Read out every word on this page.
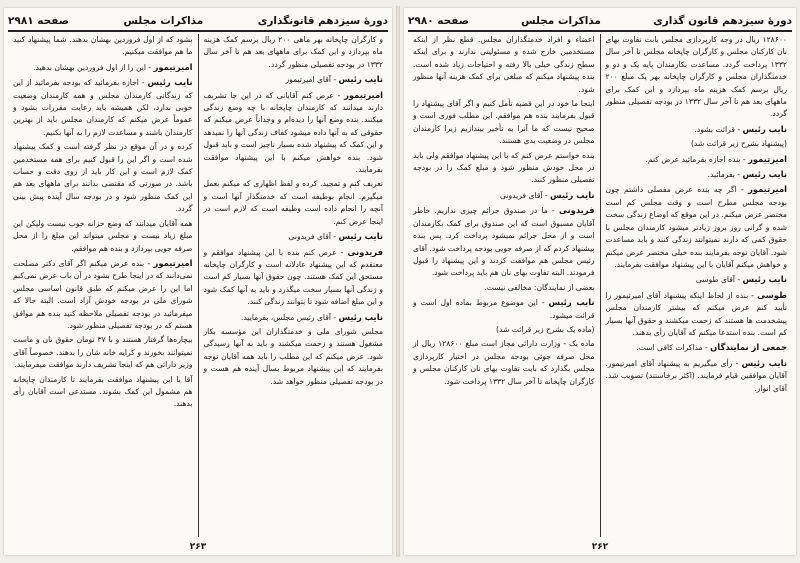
دورهٔ سیزدهم قانونگذاری
مذاکرات مجلس
صفحه ۲۹۸۱

و کارگران چاپخانه بهر ماهی ۲۰۰ ریال برسم کمک هزینه ماه بپردازد و این کمک برای ماههای بعد هم تا آخر سال ۱۳۳۲ در بودجه تفصیلی منظور گردد.

نایب رئیس - آقای امیرتیمور

امیرتیمور - عرض کنم آقایانی که در این جا تشریف دارند میدانند که کارمندان چاپخانه با چه وضع زندگی میکنند. بنده وضع آنها را دیده‌ام و وجداناً عرض میکنم که حقوقی که به آنها داده میشود کفاف زندگی آنها را نمیدهد و این کمک که پیشنهاد شده بسیار ناچیز است و باید قبول شود. بنده خواهش میکنم با این پیشنهاد موافقت بفرمایند.

تعریف کنم و تمجید. کرده و لفظ اظهاری که میکنم بعمل میگیرم. انجام بوظیفه است که خدمتگذار آنها است و آنچه را انجام داده است وظیفه است که لازم است در اینجا عرض کنم.

نایب رئیس - آقای فریدونی

فریدونی - عرض کنم بنده با این پیشنهاد موافقم و معتقدم که این پیشنهاد عادلانه است و کارگران چاپخانه مستحق این کمک هستند. چون حقوق آنها بسیار کم است و زندگی آنها بسیار سخت میگذرد و باید به آنها کمک شود و این مبلغ اضافه شود تا بتوانند زندگی کنند.

نایب رئیس - آقای رئیس مجلس، بفرمایید.

مجلس شورای ملی و خدمتگذاران این مؤسسه بکار مشغول هستند و زحمت میکشند و باید به آنها رسیدگی شود. عرض میکنم که این مطلب را باید همه آقایان توجه بفرمایند که این پیشنهاد مربوط بسال آینده هم هست و در بودجه تفصیلی منظور خواهد شد.

بشود که از اول فروردین بهشان بدهند. شما پیشنهاد کنید ما هم موافقت میکنیم.

امیرتیمور - این را از اول فروردین بهشان بدهید.

نایب رئیس - اجازه بفرمائید که بودجه بفرمائید از این که زندگانی کارمندان مجلس و همه کارمندان وضعیت خوبی ندارد، لکن همیشه باید رعایت مقررات بشود و عموماً عرض میکنم که کارمندان مجلس باید از بهترین کارمندان باشند و مساعدت لازم را به آنها بکنیم.

کرده و در آن موقع در نظر گرفته است و کمک پیشنهاد شده است و اگر این را قبول کنیم برای همه مستخدمین کمک لازم است و این کار باید از روی دقت و حساب باشد. در صورتی که مقتضی بدانند برای ماههای بعد هم این کمک منظور شود و در بودجه سال آینده پیش بینی گردد.

همه آقایان میدانند که وضع خزانه خوب نیست ولیکن این مبلغ زیاد نیست و مجلس میتواند این مبلغ را از محل صرفه جویی بپردازد و بنده هم موافقم.

امیرتیمور - بنده عرض میکنم اگر آقای دکتر مصلحت نمی‌دانند که در اینجا طرح بشود در آن باب عرض نمی‌کنم اما این را عرض میکنم که طبق قانون اساسی مجلس شورای ملی در بودجه خودش آزاد است. البته حالا که میفرمائید در بودجه تفصیلی ملاحظه کنید بنده هم موافق هستم که در بودجه تفصیلی منظور شود.

بیچاره‌ها گرفتار هستند و با ۳۷ تومان حقوق نان و ماست نمیتوانند بخورند و کرایه خانه شان را بدهند. خصوصاً آقای وزیر دارائی هم که اینجا تشریف دارند موافقت میفرمایند.

آقا با این پیشنهاد موافقت بفرمایند تا کارمندان چاپخانه هم مشمول این کمک بشوند. مستدعی است آقایان رأی بدهند.

۲۶۳
دورهٔ سیزدهم قانون گذاری
مذاکرات مجلس
صفحه ۲۹۸۰

۱۲۸۶۰۰ ریال در وجه کارپردازی مجلس بابت تفاوت بهای نان کارکنان مجلس و کارگران چاپخانه مجلس تا آخر سال ۱۳۳۲ پرداخت گردد. مساعدت بکارمندان پایه یک و دو و خدمتگذاران مجلس و کارگران چاپخانه بهر یک مبلغ ۲۰۰ ریال برسم کمک هزینه ماه بپردازد و این کمک برای ماههای بعد هم تا آخر سال ۱۳۳۲ در بودجه تفصیلی منظور گردد.

نایب رئیس - قرائت بشود.

(پیشنهاد بشرح زیر قرائت شد)

امیرتیمور - بنده اجازه بفرمائید عرض کنم.

نایب رئیس - بفرمائید.

امیرتیمور - اگر چه بنده عرض مفصلی داشتم چون بودجه مجلس مطرح است و وقت مجلس کم است مختصر عرض میکنم. در این موقع که اوضاع زندگی سخت شده و گرانی روز بروز زیادتر میشود کارمندان مجلس با حقوق کمی که دارند نمیتوانند زندگی کنند و باید مساعدت شود. آقایان توجه بفرمایند بنده خیلی مختصر عرض میکنم و خواهش میکنم آقایان با این پیشنهاد موافقت بفرمایند.

نایب رئیس - آقای طوسی

طوسی - بنده از لحاظ اینکه پیشنهاد آقای امیرتیمور را تأیید کنم عرض میکنم که بیشتر کارمندان مجلس پیشخدمت ها هستند که زحمت میکشند و حقوق آنها بسیار کم است. بنده استدعا میکنم که آقایان رأی بدهند.

جمعی از نمایندگان - مذاکرات کافی است.

نایب رئیس - رأی میگیریم به پیشنهاد آقای امیرتیمور. آقایان موافقین قیام فرمایند. (اکثر برخاستند) تصویب شد. آقای انوار.

اعضاء و افراد خدمتگذاران مجلس. قطع نظر از اینکه مستخدمین خارج شده و مسئولیتی ندارند و برای اینکه سطح زندگی خیلی بالا رفته و احتیاجات زیاد شده است. بنده پیشنهاد میکنم که مبلغی برای کمک هزینه آنها منظور شود.

اینجا ما خود در این قضیه تأمل کنیم و اگر آقای پیشنهاد را قبول بفرمایند بنده هم موافقم. این مطلب فوری است و صحیح نیست که ما آنرا به تأخیر بیندازیم زیرا کارمندان مجلس در وضعیت بدی هستند.

بنده خواستم عرض کنم که با این پیشنهاد موافقم ولی باید در محل خودش منظور شود و مبلغ کمک را در بودجه تفصیلی منظور کنند.

نایب رئیس - آقای فریدونی

فریدونی - ما در صندوق جرائم چیزی نداریم. خاطر آقایان مسبوق است که این صندوق برای کمک بکارمندان است و از محل جرائم نمیشود پرداخت کرد. پس بنده پیشنهاد کردم که از صرفه جویی بودجه پرداخت شود. آقای رئیس مجلس هم موافقت کردند و این پیشنهاد را قبول فرمودند. البته تفاوت بهای نان هم باید پرداخت شود.

بعضی از نمایندگان: مخالفی نیست.

نایب رئیس - این موضوع مربوط بماده اول است و قرائت میشود.

(ماده یک بشرح زیر قرائت شد)

ماده یک - وزارت دارائی مجاز است مبلغ ۱۲۸۶۰۰ ریال از محل صرفه جوئی بودجه مجلس در اختیار کارپردازی مجلس بگذارد که بابت تفاوت بهای نان کارکنان مجلس و کارگران چاپخانه تا آخر سال ۱۳۳۲ پرداخت شود.

۲۶۲
